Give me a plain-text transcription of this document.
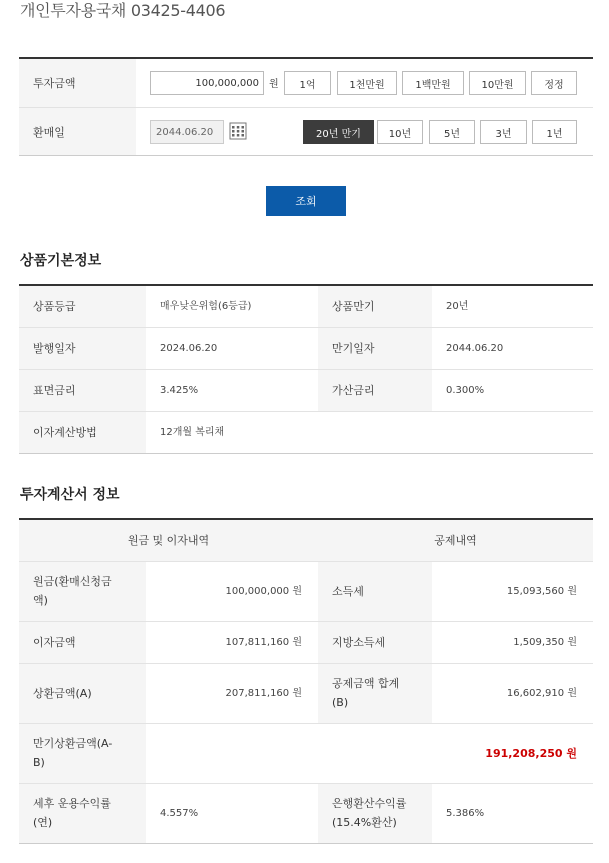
개인투자용국채 03425-4406
투자금액
100,000,000	원	1억	1천만원	1백만원	10만원	정정
환매일
2044.06.20	20년 만기	10년	5년	3년	1년
조회
상품기본정보
상품등급	매우낮은위험(6등급)	상품만기	20년
발행일자	2024.06.20	만기일자	2044.06.20
표면금리	3.425%	가산금리	0.300%
이자계산방법	12개월 복리채		
투자계산서 정보
원금 및 이자내역		공제내역	
원금(환매신청금액)	100,000,000 원	소득세	15,093,560 원
이자금액	107,811,160 원	지방소득세	1,509,350 원
상환금액(A)	207,811,160 원	공제금액 합계(B)	16,602,910 원
만기상환금액(A-B)	191,208,250 원		
세후 운용수익률(연)	4.557%	은행환산수익률(15.4%환산)	5.386%
